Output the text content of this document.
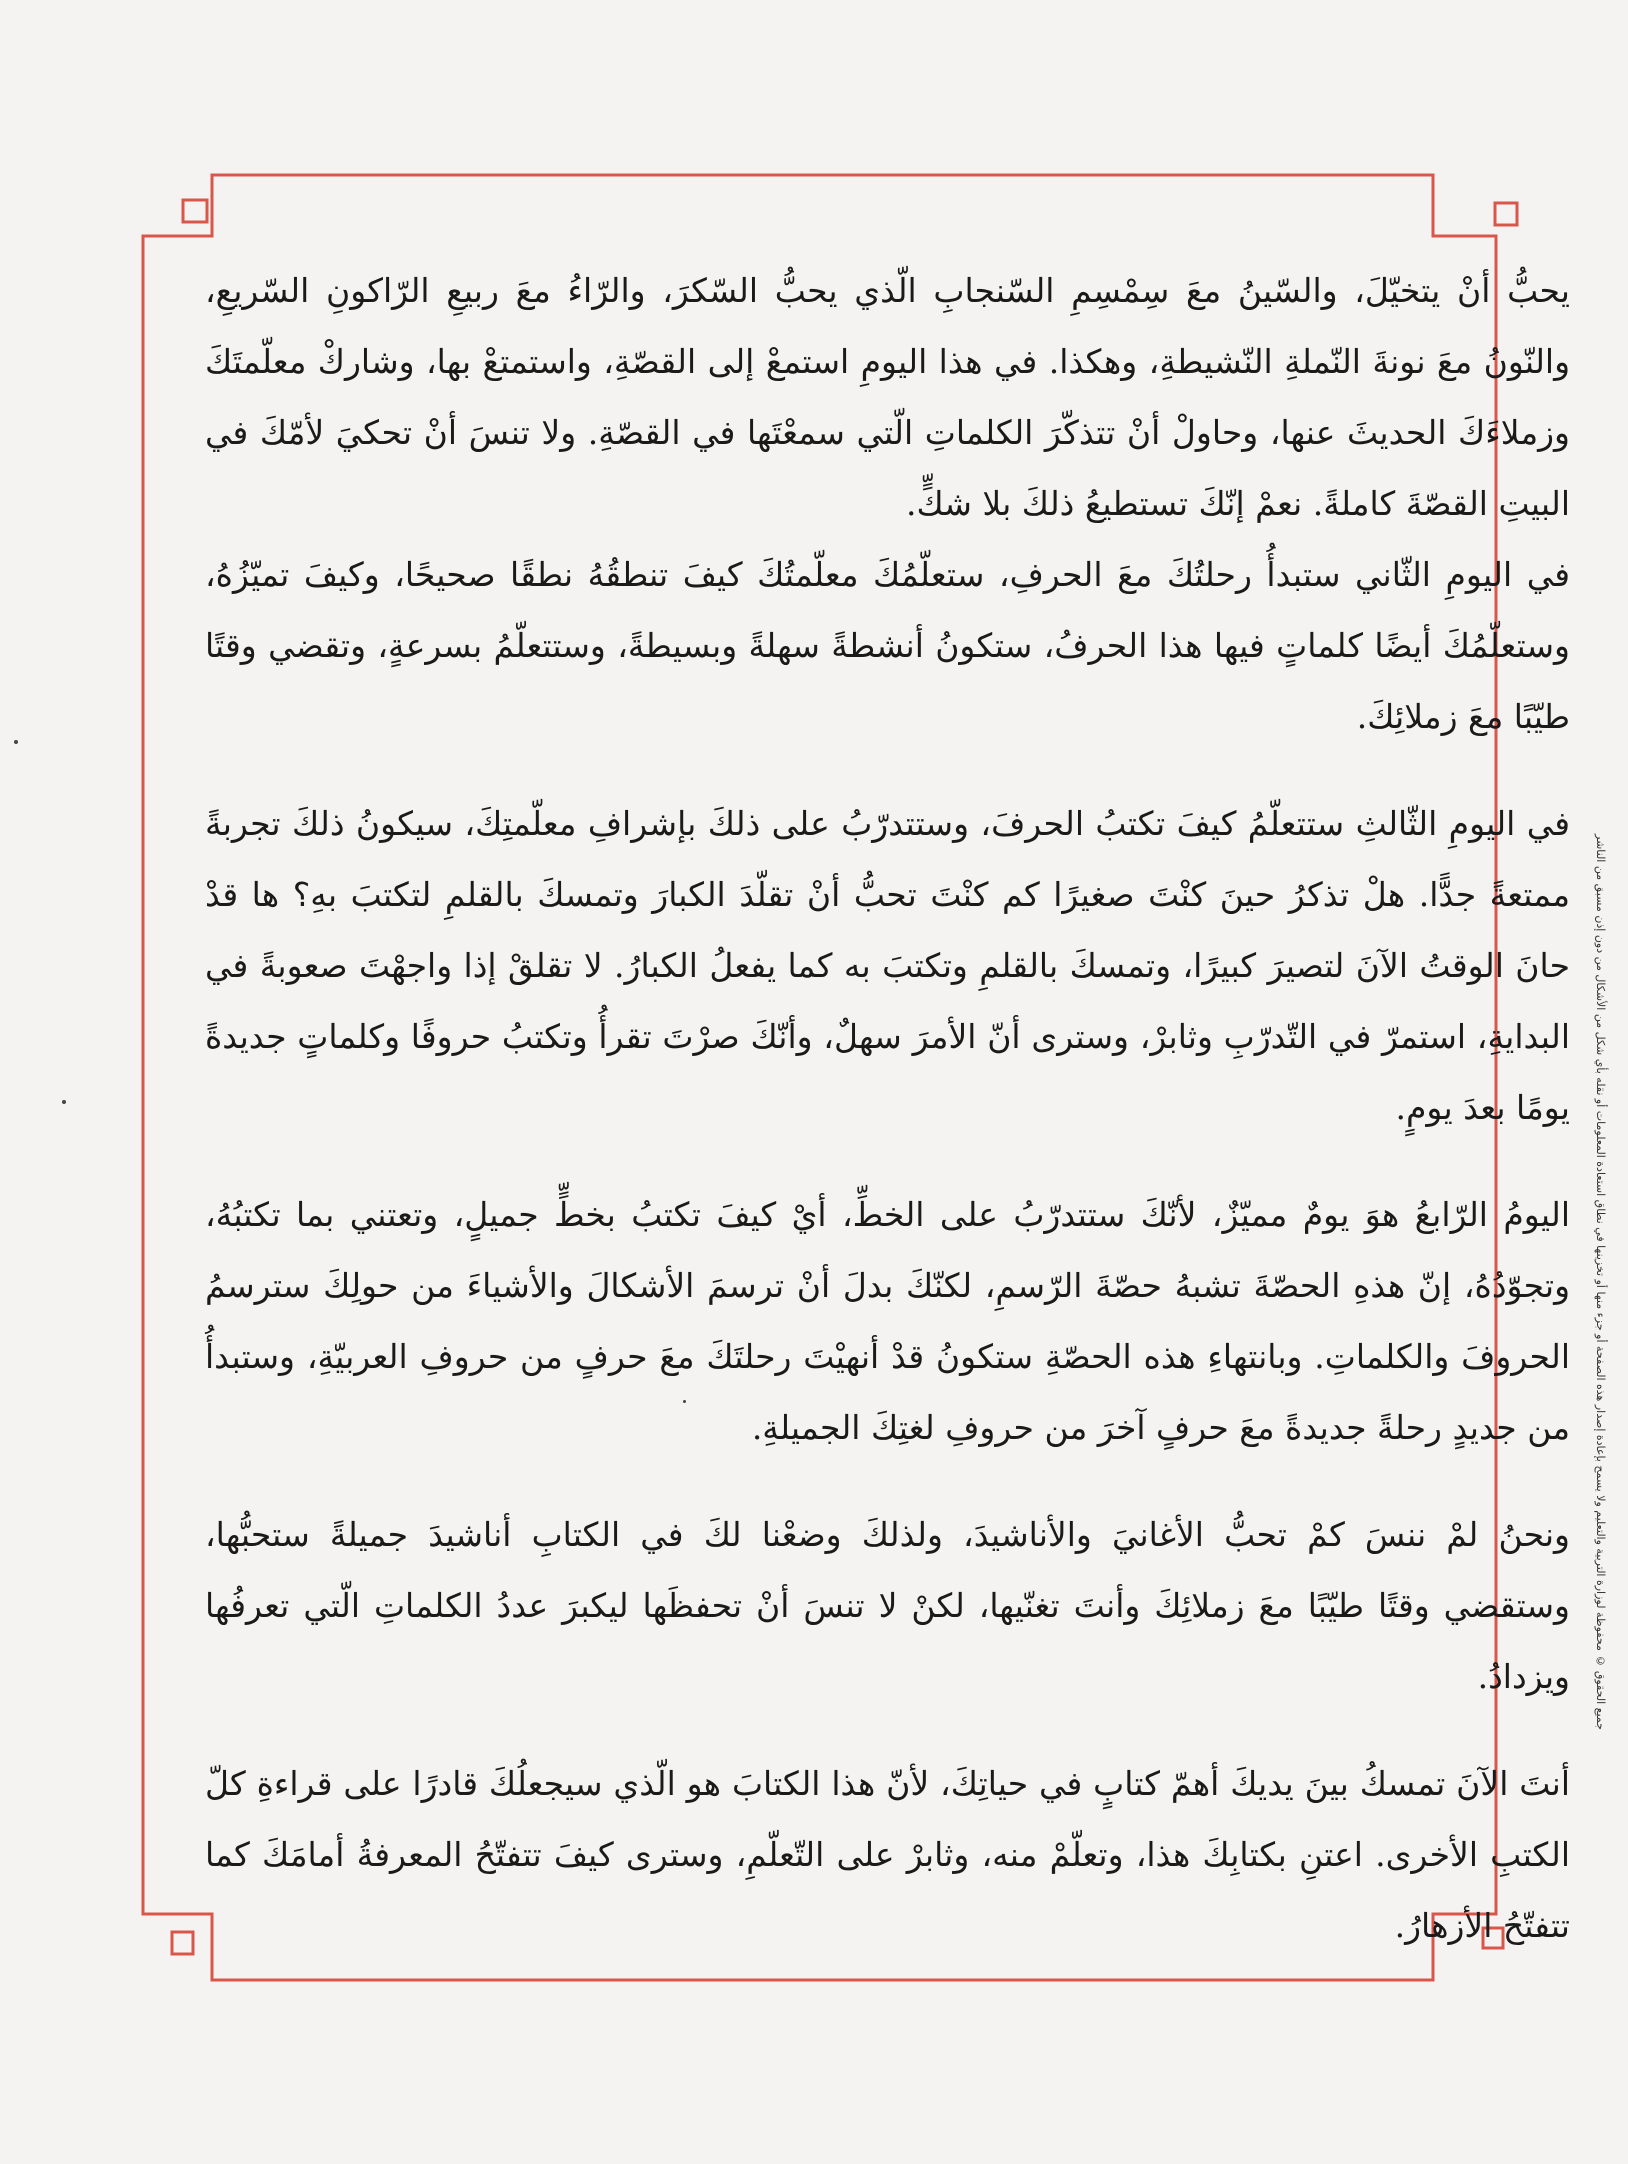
يحبُّ أنْ يتخيّلَ، والسّينُ معَ سِمْسِمِ السّنجابِ الّذي يحبُّ السّكرَ، والرّاءُ معَ ربيعِ الرّاكونِ السّريعِ، والنّونُ معَ نونةَ النّملةِ النّشيطةِ، وهكذا. في هذا اليومِ استمعْ إلى القصّةِ، واستمتعْ بها، وشاركْ معلّمتَكَ وزملاءَكَ الحديثَ عنها، وحاولْ أنْ تتذكّرَ الكلماتِ الّتي سمعْتَها في القصّةِ. ولا تنسَ أنْ تحكيَ لأمّكَ في البيتِ القصّةَ كاملةً. نعمْ إنّكَ تستطيعُ ذلكَ بلا شكٍّ.

في اليومِ الثّاني ستبدأُ رحلتُكَ معَ الحرفِ، ستعلّمُكَ معلّمتُكَ كيفَ تنطقُهُ نطقًا صحيحًا، وكيفَ تميّزُهُ، وستعلّمُكَ أيضًا كلماتٍ فيها هذا الحرفُ، ستكونُ أنشطةً سهلةً وبسيطةً، وستتعلّمُ بسرعةٍ، وتقضي وقتًا طيّبًا معَ زملائِكَ.

في اليومِ الثّالثِ ستتعلّمُ كيفَ تكتبُ الحرفَ، وستتدرّبُ على ذلكَ بإشرافِ معلّمتِكَ، سيكونُ ذلكَ تجربةً ممتعةً جدًّا. هلْ تذكرُ حينَ كنْتَ صغيرًا كم كنْتَ تحبُّ أنْ تقلّدَ الكبارَ وتمسكَ بالقلمِ لتكتبَ بهِ؟ ها قدْ حانَ الوقتُ الآنَ لتصيرَ كبيرًا، وتمسكَ بالقلمِ وتكتبَ به كما يفعلُ الكبارُ. لا تقلقْ إذا واجهْتَ صعوبةً في البدايةِ، استمرّ في التّدرّبِ وثابرْ، وسترى أنّ الأمرَ سهلٌ، وأنّكَ صرْتَ تقرأُ وتكتبُ حروفًا وكلماتٍ جديدةً يومًا بعدَ يومٍ.

اليومُ الرّابعُ هوَ يومٌ مميّزٌ، لأنّكَ ستتدرّبُ على الخطِّ، أيْ كيفَ تكتبُ بخطٍّ جميلٍ، وتعتني بما تكتبُهُ، وتجوّدُهُ، إنّ هذهِ الحصّةَ تشبهُ حصّةَ الرّسمِ، لكنّكَ بدلَ أنْ ترسمَ الأشكالَ والأشياءَ من حولِكَ سترسمُ الحروفَ والكلماتِ. وبانتهاءِ هذه الحصّةِ ستكونُ قدْ أنهيْتَ رحلتَكَ معَ حرفٍ من حروفِ العربيّةِ، وستبدأُ من جديدٍ رحلةً جديدةً معَ حرفٍ آخرَ من حروفِ لغتِكَ الجميلةِ.

ونحنُ لمْ ننسَ كمْ تحبُّ الأغانيَ والأناشيدَ، ولذلكَ وضعْنا لكَ في الكتابِ أناشيدَ جميلةً ستحبُّها، وستقضي وقتًا طيّبًا معَ زملائِكَ وأنتَ تغنّيها، لكنْ لا تنسَ أنْ تحفظَها ليكبرَ عددُ الكلماتِ الّتي تعرفُها ويزدادُ.

أنتَ الآنَ تمسكُ بينَ يديكَ أهمّ كتابٍ في حياتِكَ، لأنّ هذا الكتابَ هو الّذي سيجعلُكَ قادرًا على قراءةِ كلّ الكتبِ الأخرى. اعتنِ بكتابِكَ هذا، وتعلّمْ منه، وثابرْ على التّعلّمِ، وسترى كيفَ تتفتّحُ المعرفةُ أمامَكَ كما تتفتّحُ الأزهارُ.

جميع الحقوق © محفوظة لوزارة التربية والتعليم ولا يسمح بإعادة إصدار هذه الصفحة أو جزء منها أو تخزينها في نطاق استعادة المعلومات أو نقله بأي شكل من الأشكال من دون إذن مسبق من الناشر
